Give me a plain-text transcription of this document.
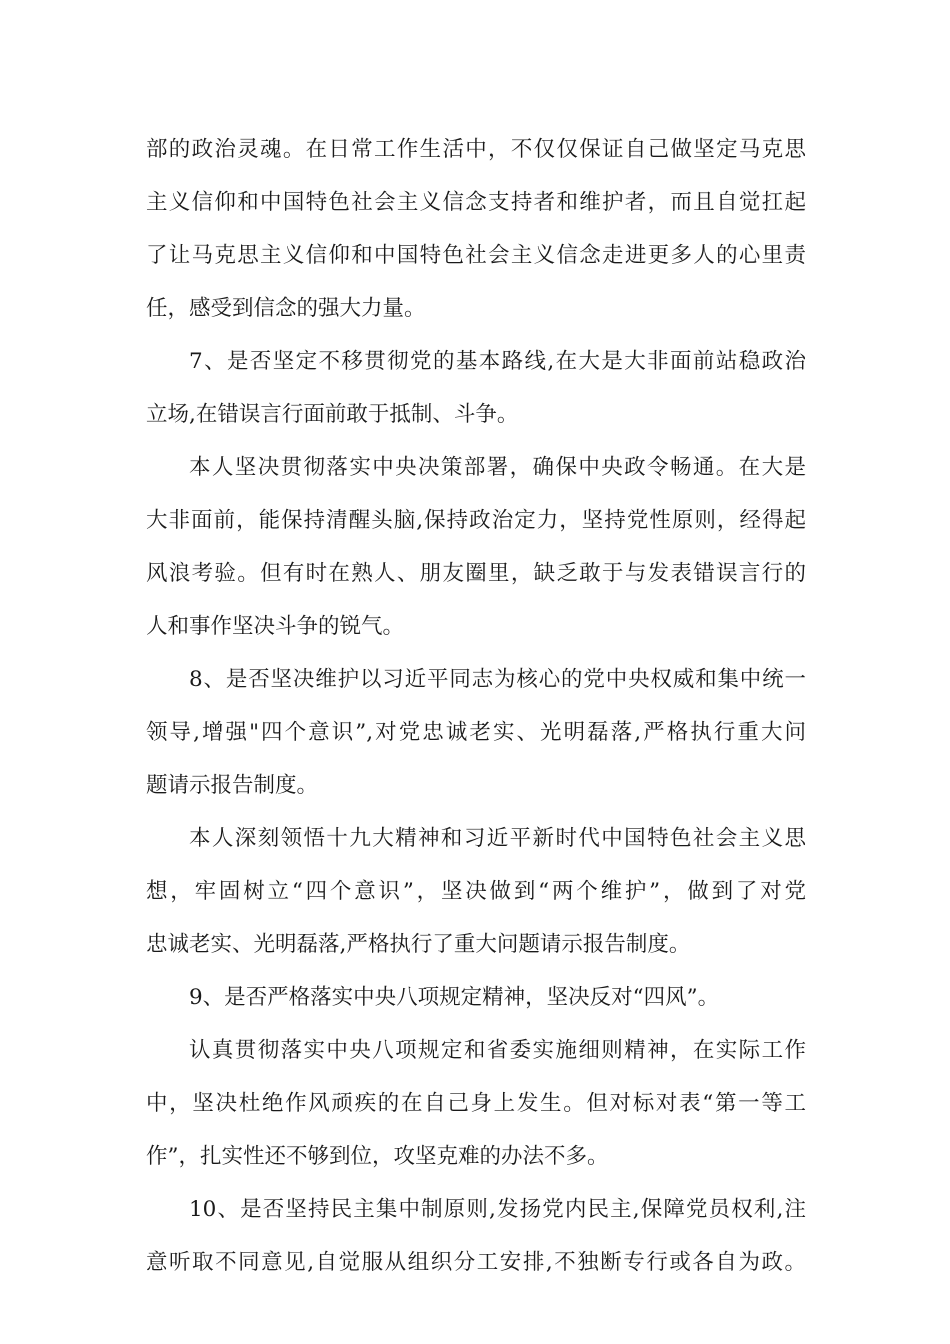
部的政治灵魂。在日常工作生活中，不仅仅保证自己做坚定马克思
主义信仰和中国特色社会主义信念支持者和维护者，而且自觉扛起
了让马克思主义信仰和中国特色社会主义信念走进更多人的心里责
任，感受到信念的强大力量。
7、是否坚定不移贯彻党的基本路线,在大是大非面前站稳政治
立场,在错误言行面前敢于抵制、斗争。
本人坚决贯彻落实中央决策部署，确保中央政令畅通。在大是
大非面前，能保持清醒头脑,保持政治定力，坚持党性原则，经得起
风浪考验。但有时在熟人、朋友圈里，缺乏敢于与发表错误言行的
人和事作坚决斗争的锐气。
8、是否坚决维护以习近平同志为核心的党中央权威和集中统一
领导,增强"四个意识”,对党忠诚老实、光明磊落,严格执行重大问
题请示报告制度。
本人深刻领悟十九大精神和习近平新时代中国特色社会主义思
想，牢固树立“四个意识”，坚决做到“两个维护”，做到了对党
忠诚老实、光明磊落,严格执行了重大问题请示报告制度。
9、是否严格落实中央八项规定精神，坚决反对“四风”。
认真贯彻落实中央八项规定和省委实施细则精神，在实际工作
中，坚决杜绝作风顽疾的在自己身上发生。但对标对表“第一等工
作”，扎实性还不够到位，攻坚克难的办法不多。
10、是否坚持民主集中制原则,发扬党内民主,保障党员权利,注
意听取不同意见,自觉服从组织分工安排,不独断专行或各自为政。
